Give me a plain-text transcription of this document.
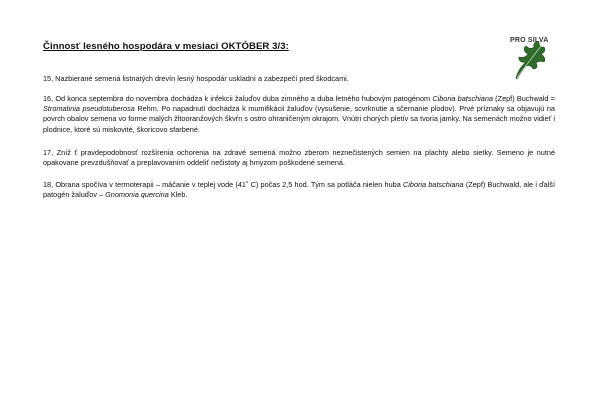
Činnosť lesného hospodára v mesiaci OKTÓBER 3/3:
PRO SILVA
15, Nazbierané semená listnatých drevín lesný hospodár uskladní a zabezpečí pred škodcami.
16, Od konca septembra do novembra dochádza k infekcii žaluďov duba zimného a duba letného hubovým patogénom Ciboria batschiana (Zepf) Buchwald = Stromatinia pseudotuberosa Rehm. Po napadnutí dochádza k mumifikácii žaluďov (vysušenie, scvrknutie a sčernanie plodov). Prvé príznaky sa objavujú na povrch obalov semena vo forme malých žltooranžových škvŕn s ostro ohraničeným okrajom. Vnútri chorých pletív sa tvoria jamky. Na semenách možno vidieť i plodnice, ktoré sú miskovité, škoricovo sfarbené.
17, Zníž ť pravdepodobnosť rozšírenia ochorenia na zdravé semená možno zberom neznečistených semien na plachty alebo sietky. Semeno je nutné opakovane prevzdušňovať a preplavovaním oddeliť nečistoty aj hmyzom poškodené semená.
18, Obrana spočíva v termoterapii – máčanie v teplej vode (41˚ C) počas 2,5 hod. Tým sa potláča nielen huba Ciboria batschiana (Zepf) Buchwald, ale i ďalší patogén žaluďov – Gnomonia quercina Kleb.
